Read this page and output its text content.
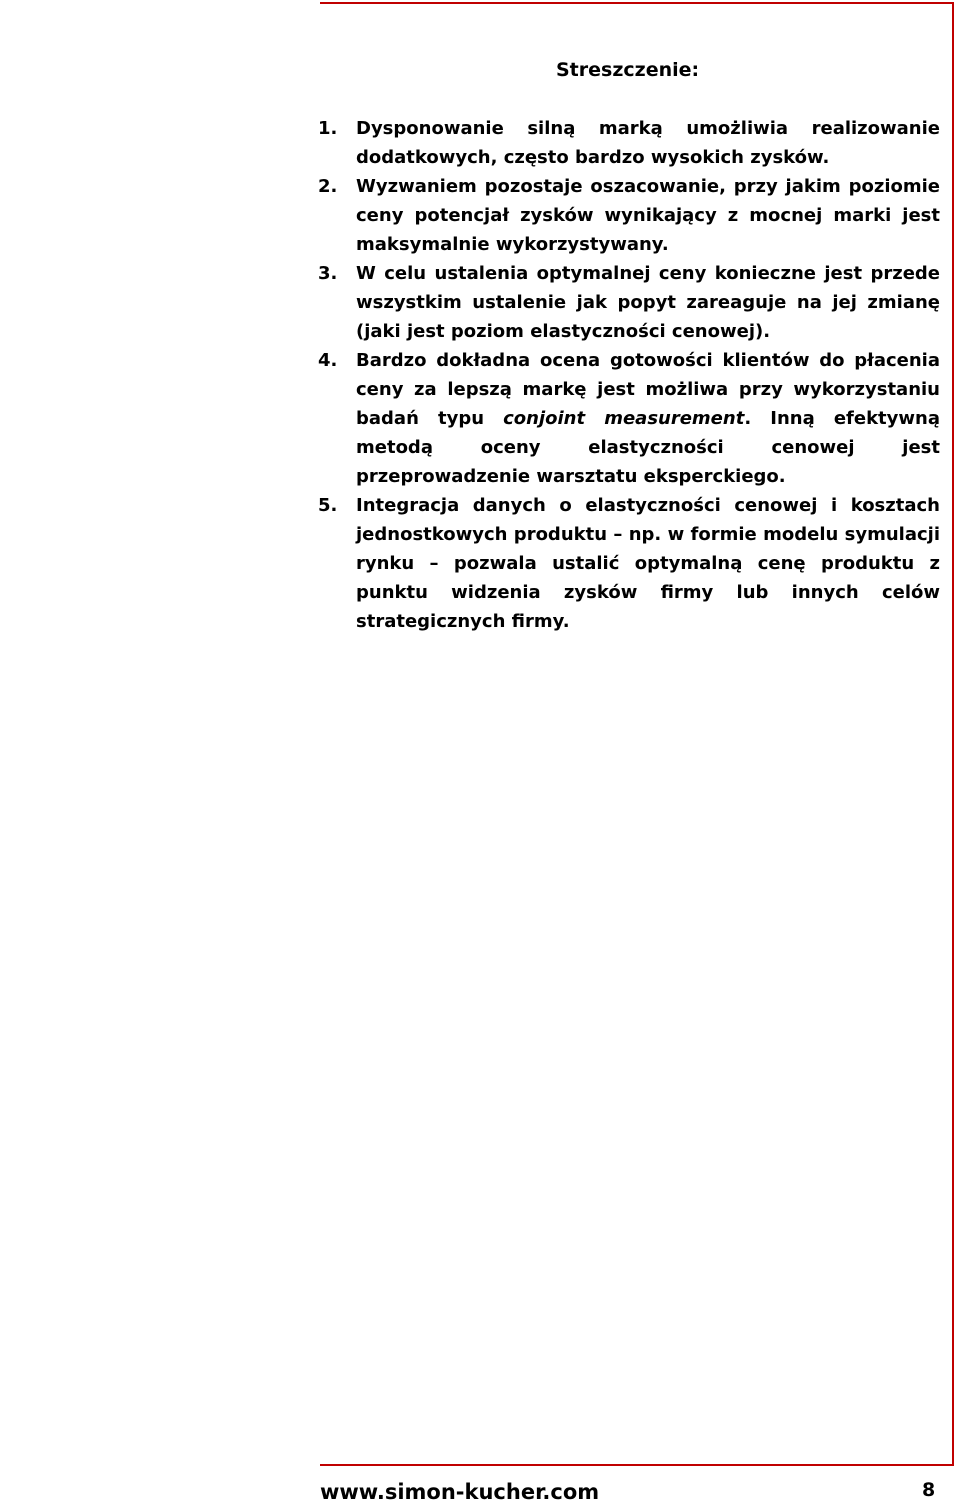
Streszczenie:
1. Dysponowanie silną marką umożliwia realizowanie dodatkowych, często bardzo wysokich zysków.
2. Wyzwaniem pozostaje oszacowanie, przy jakim poziomie ceny potencjał zysków wynikający z mocnej marki jest maksymalnie wykorzystywany.
3. W celu ustalenia optymalnej ceny konieczne jest przede wszystkim ustalenie jak popyt zareaguje na jej zmianę (jaki jest poziom elastyczności cenowej).
4. Bardzo dokładna ocena gotowości klientów do płacenia ceny za lepszą markę jest możliwa przy wykorzystaniu badań typu conjoint measurement. Inną efektywną metodą oceny elastyczności cenowej jest przeprowadzenie warsztatu eksperckiego.
5. Integracja danych o elastyczności cenowej i kosztach jednostkowych produktu – np. w formie modelu symulacji rynku – pozwala ustalić optymalną cenę produktu z punktu widzenia zysków firmy lub innych celów strategicznych firmy.
www.simon-kucher.com	8
